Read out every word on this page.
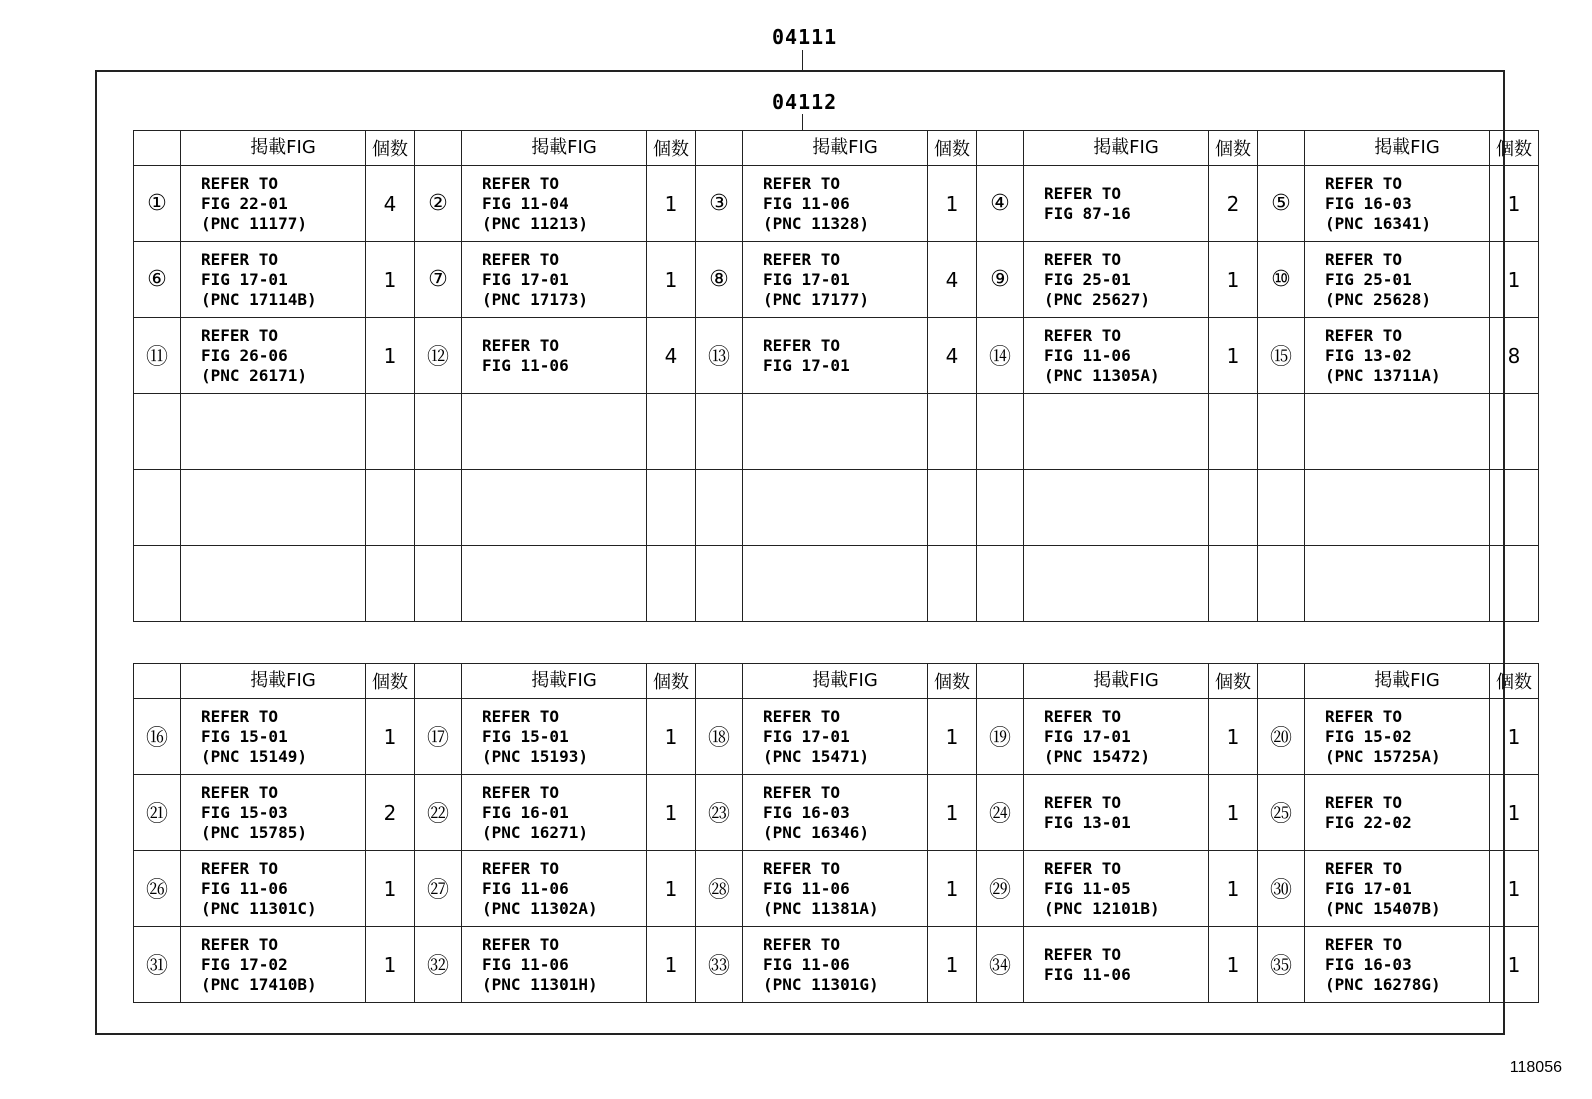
04111
04112
	掲載FIG	個数		掲載FIG	個数		掲載FIG	個数		掲載FIG	個数		掲載FIG	個数
①	REFER TO
FIG 22-01
(PNC 11177)	4	②	REFER TO
FIG 11-04
(PNC 11213)	1	③	REFER TO
FIG 11-06
(PNC 11328)	1	④	REFER TO
FIG 87-16	2	⑤	REFER TO
FIG 16-03
(PNC 16341)	1
⑥	REFER TO
FIG 17-01
(PNC 17114B)	1	⑦	REFER TO
FIG 17-01
(PNC 17173)	1	⑧	REFER TO
FIG 17-01
(PNC 17177)	4	⑨	REFER TO
FIG 25-01
(PNC 25627)	1	⑩	REFER TO
FIG 25-01
(PNC 25628)	1
⑪	REFER TO
FIG 26-06
(PNC 26171)	1	⑫	REFER TO
FIG 11-06	4	⑬	REFER TO
FIG 17-01	4	⑭	REFER TO
FIG 11-06
(PNC 11305A)	1	⑮	REFER TO
FIG 13-02
(PNC 13711A)	8

	掲載FIG	個数		掲載FIG	個数		掲載FIG	個数		掲載FIG	個数		掲載FIG	個数
⑯	REFER TO
FIG 15-01
(PNC 15149)	1	⑰	REFER TO
FIG 15-01
(PNC 15193)	1	⑱	REFER TO
FIG 17-01
(PNC 15471)	1	⑲	REFER TO
FIG 17-01
(PNC 15472)	1	⑳	REFER TO
FIG 15-02
(PNC 15725A)	1
㉑	REFER TO
FIG 15-03
(PNC 15785)	2	㉒	REFER TO
FIG 16-01
(PNC 16271)	1	㉓	REFER TO
FIG 16-03
(PNC 16346)	1	㉔	REFER TO
FIG 13-01	1	㉕	REFER TO
FIG 22-02	1
㉖	REFER TO
FIG 11-06
(PNC 11301C)	1	㉗	REFER TO
FIG 11-06
(PNC 11302A)	1	㉘	REFER TO
FIG 11-06
(PNC 11381A)	1	㉙	REFER TO
FIG 11-05
(PNC 12101B)	1	㉚	REFER TO
FIG 17-01
(PNC 15407B)	1
㉛	REFER TO
FIG 17-02
(PNC 17410B)	1	㉜	REFER TO
FIG 11-06
(PNC 11301H)	1	㉝	REFER TO
FIG 11-06
(PNC 11301G)	1	㉞	REFER TO
FIG 11-06	1	㉟	REFER TO
FIG 16-03
(PNC 16278G)	1
118056
